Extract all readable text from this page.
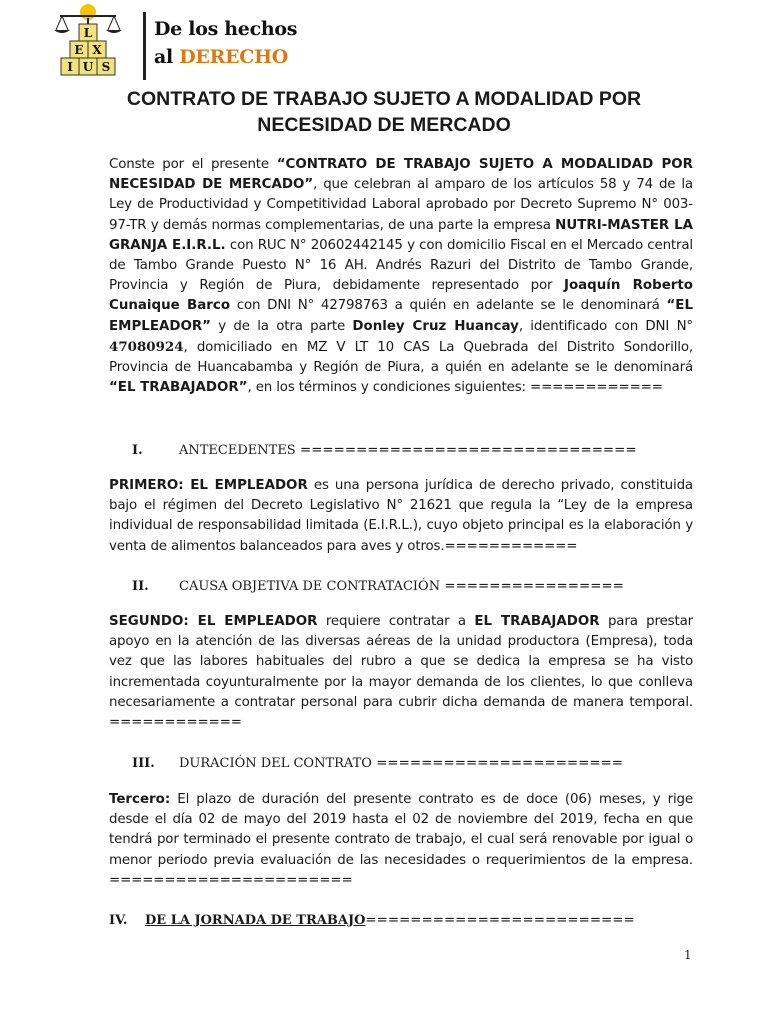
L
E X
I U S
De los hechos
al DERECHO
CONTRATO DE TRABAJO SUJETO A MODALIDAD POR
NECESIDAD DE MERCADO
Conste por el presente “CONTRATO DE TRABAJO SUJETO A MODALIDAD POR NECESIDAD DE MERCADO”, que celebran al amparo de los artículos 58 y 74 de la Ley de Productividad y Competitividad Laboral aprobado por Decreto Supremo N° 003-97-TR y demás normas complementarias, de una parte la empresa NUTRI-MASTER LA GRANJA E.I.R.L. con RUC N° 20602442145 y con domicilio Fiscal en el Mercado central de Tambo Grande Puesto N° 16 AH. Andrés Razuri del Distrito de Tambo Grande, Provincia y Región de Piura, debidamente representado por Joaquín Roberto Cunaique Barco con DNI N° 42798763 a quién en adelante se le denominará “EL EMPLEADOR” y de la otra parte Donley Cruz Huancay, identificado con DNI N° 47080924, domiciliado en MZ V LT 10 CAS La Quebrada del Distrito Sondorillo, Provincia de Huancabamba y Región de Piura, a quién en adelante se le denominará “EL TRABAJADOR”, en los términos y condiciones siguientes: ============
I.	ANTECEDENTES ==============================
PRIMERO: EL EMPLEADOR es una persona jurídica de derecho privado, constituida bajo el régimen del Decreto Legislativo N° 21621 que regula la “Ley de la empresa individual de responsabilidad limitada (E.I.R.L.), cuyo objeto principal es la elaboración y venta de alimentos balanceados para aves y otros.============
II. CAUSA OBJETIVA DE CONTRATACIÓN ================
SEGUNDO: EL EMPLEADOR requiere contratar a EL TRABAJADOR para prestar apoyo en la atención de las diversas aéreas de la unidad productora (Empresa), toda vez que las labores habituales del rubro a que se dedica la empresa se ha visto incrementada coyunturalmente por la mayor demanda de los clientes, lo que conlleva necesariamente a contratar personal para cubrir dicha demanda de manera temporal. ============
III. DURACIÓN DEL CONTRATO ======================
Tercero: El plazo de duración del presente contrato es de doce (06) meses, y rige desde el día 02 de mayo del 2019 hasta el 02 de noviembre del 2019, fecha en que tendrá por terminado el presente contrato de trabajo, el cual será renovable por igual o menor periodo previa evaluación de las necesidades o requerimientos de la empresa. ======================
IV. DE LA JORNADA DE TRABAJO========================
1
